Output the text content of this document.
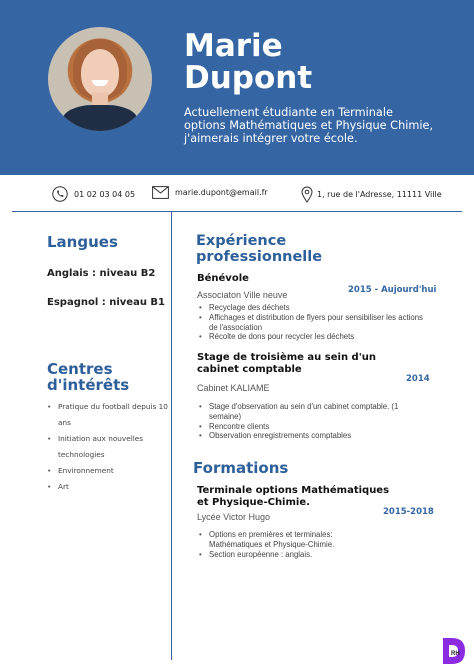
Marie
Dupont
Actuellement étudiante en Terminale options Mathématiques et Physique Chimie, j'aimerais intégrer votre école.
01 02 03 04 05	marie.dupont@email.fr	1, rue de l'Adresse, 11111 Ville
Langues
Anglais : niveau B2
Espagnol : niveau B1
Centres d'intérêts
• Pratique du football depuis 10 ans
• Initiation aux nouvelles technologies
• Environnement
• Art
Expérience professionnelle
Bénévole
2015 - Aujourd'hui
Associaton Ville neuve
• Recyclage des déchets
• Affichages et distribution de flyers pour sensibiliser les actions de l'association
• Récolte de dons pour recycler les déchets
Stage de troisième au sein d'un cabinet comptable
2014
Cabinet KALIAME
• Stage d'observation au sein d'un cabinet comptable. (1 semaine)
• Rencontre clients
• Observation enregistrements comptables
Formations
Terminale options Mathématiques et Physique-Chimie.
2015-2018
Lycée Victor Hugo
• Options en premières et terminales: Mathématiques et Physique-Chimie.
• Section européenne : anglais.
RH
